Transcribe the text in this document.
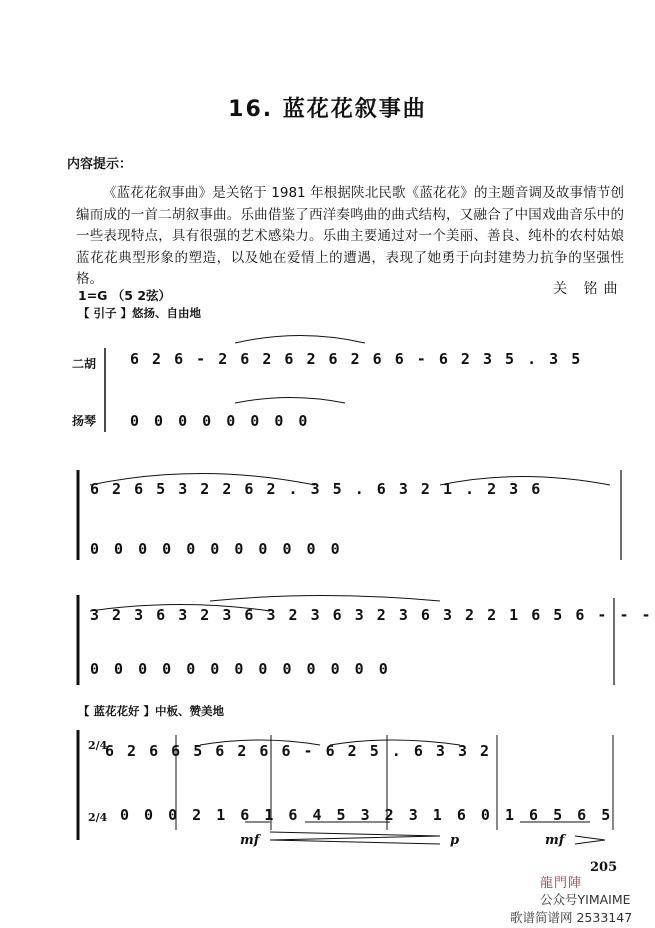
16. 蓝花花叙事曲
内容提示：
《蓝花花叙事曲》是关铭于 1981 年根据陕北民歌《蓝花花》的主题音调及故事情节创编而成的一首二胡叙事曲。乐曲借鉴了西洋奏鸣曲的曲式结构，又融合了中国戏曲音乐中的一些表现特点，具有很强的艺术感染力。乐曲主要通过对一个美丽、善良、纯朴的农村姑娘蓝花花典型形象的塑造，以及她在爱情上的遭遇，表现了她勇于向封建势力抗争的坚强性格。
1=G （5 2弦）	关 铭曲
【 引子 】悠扬、自由地
二胡
扬琴
6 2 6 - 2 6 2 6 2 6 2 6 6 - 6 2 3 5 . 3 5
0 0 0 0 0 0 0 0
6 2 6 5 3 2 2 6 2 . 3 5 . 6 3 2 1 . 2 3 6
0 0 0 0 0 0 0 0 0 0 0
3 2 3 6 3 2 3 6 3 2 3 6 3 2 3 6 3 2 2 1 6 5 6 - - -
0 0 0 0 0 0 0 0 0 0 0 0 0
【 蓝花花好 】中板、赞美地
2/4
6 2 6 6 5 6 2 6 6 - 6 2 5 . 6 3 3 2
2/4 0 0 0 2 1 6 1 6 4 5 3 2 3 1 6 0 1 6 5 6 5
mf	p	mf
205
龍門陣
公众号YIMAIME
歌谱简谱网 2533147
